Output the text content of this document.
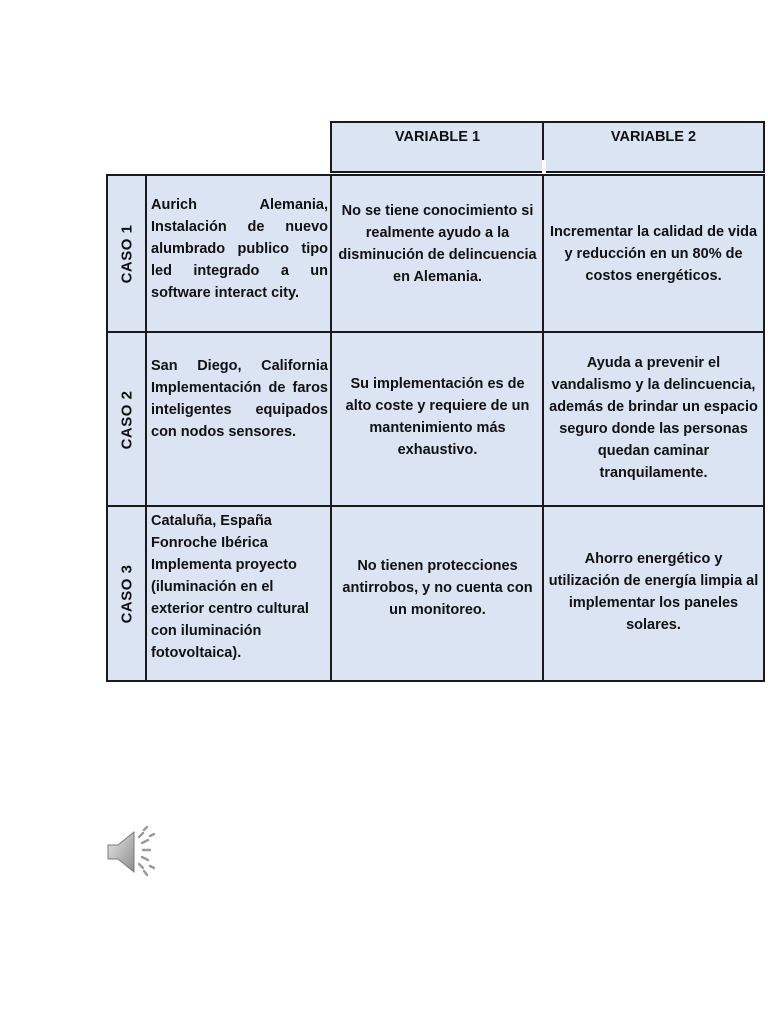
VARIABLE 1	VARIABLE 2
CASO 1
Aurich Alemania, Instalación de nuevo alumbrado publico tipo led integrado a un software interact city.
No se tiene conocimiento si realmente ayudo a la disminución de delincuencia en Alemania.
Incrementar la calidad de vida y reducción en un 80% de costos energéticos.
CASO 2
San Diego, California Implementación de faros inteligentes equipados con nodos sensores.
Su implementación es de alto coste y requiere de un mantenimiento más exhaustivo.
Ayuda a prevenir el vandalismo y la delincuencia, además de brindar un espacio seguro donde las personas quedan caminar tranquilamente.
CASO 3
Cataluña, España Fonroche Ibérica Implementa proyecto (iluminación en el exterior centro cultural con iluminación fotovoltaica).
No tienen protecciones antirrobos, y no cuenta con un monitoreo.
Ahorro energético y utilización de energía limpia al implementar los paneles solares.
